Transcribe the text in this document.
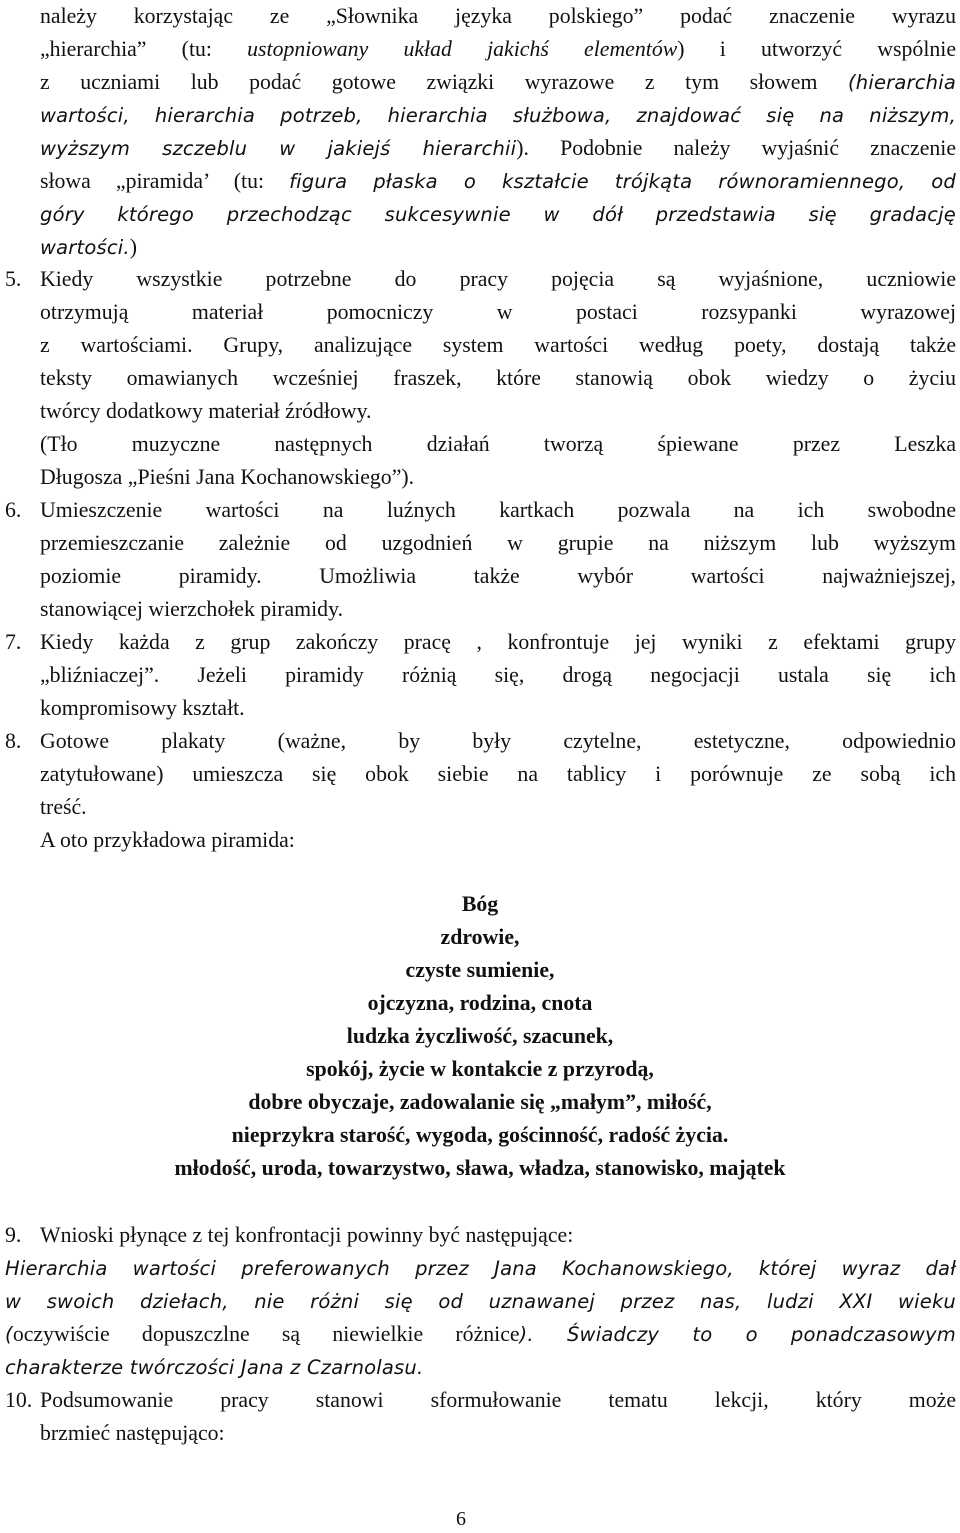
należy korzystając ze „Słownika języka polskiego” podać znaczenie wyrazu
„hierarchia” (tu: ustopniowany układ jakichś elementów) i utworzyć wspólnie
z uczniami lub podać gotowe związki wyrazowe z tym słowem (hierarchia
wartości, hierarchia potrzeb, hierarchia służbowa, znajdować się na niższym,
wyższym szczeblu w jakiejś hierarchii). Podobnie należy wyjaśnić znaczenie
słowa „piramida’ (tu: figura płaska o kształcie trójkąta równoramiennego, od
góry którego przechodząc sukcesywnie w dół przedstawia się gradację
wartości.)
5. Kiedy wszystkie potrzebne do pracy pojęcia są wyjaśnione, uczniowie
otrzymują materiał pomocniczy w postaci rozsypanki wyrazowej
z wartościami. Grupy, analizujące system wartości według poety, dostają także
teksty omawianych wcześniej fraszek, które stanowią obok wiedzy o życiu
twórcy dodatkowy materiał źródłowy.
(Tło muzyczne następnych działań tworzą śpiewane przez Leszka
Długosza „Pieśni Jana Kochanowskiego”).
6. Umieszczenie wartości na luźnych kartkach pozwala na ich swobodne
przemieszczanie zależnie od uzgodnień w grupie na niższym lub wyższym
poziomie piramidy. Umożliwia także wybór wartości najważniejszej,
stanowiącej wierzchołek piramidy.
7. Kiedy każda z grup zakończy pracę , konfrontuje jej wyniki z efektami grupy
„bliźniaczej”. Jeżeli piramidy różnią się, drogą negocjacji ustala się ich
kompromisowy kształt.
8. Gotowe plakaty (ważne, by były czytelne, estetyczne, odpowiednio
zatytułowane) umieszcza się obok siebie na tablicy i porównuje ze sobą ich
treść.
A oto przykładowa piramida:
Bóg
zdrowie,
czyste sumienie,
ojczyzna, rodzina, cnota
ludzka życzliwość, szacunek,
spokój, życie w kontakcie z przyrodą,
dobre obyczaje, zadowalanie się „małym”, miłość,
nieprzykra starość, wygoda, gościnność, radość życia.
młodość, uroda, towarzystwo, sława, władza, stanowisko, majątek
9. Wnioski płynące z tej konfrontacji powinny być następujące:
Hierarchia wartości preferowanych przez Jana Kochanowskiego, której wyraz dał
w swoich dziełach, nie różni się od uznawanej przez nas, ludzi XXI wieku
(oczywiście dopuszczlne są niewielkie różnice). Świadczy to o ponadczasowym
charakterze twórczości Jana z Czarnolasu.
10. Podsumowanie pracy stanowi sformułowanie tematu lekcji, który może
brzmieć następująco:
6
